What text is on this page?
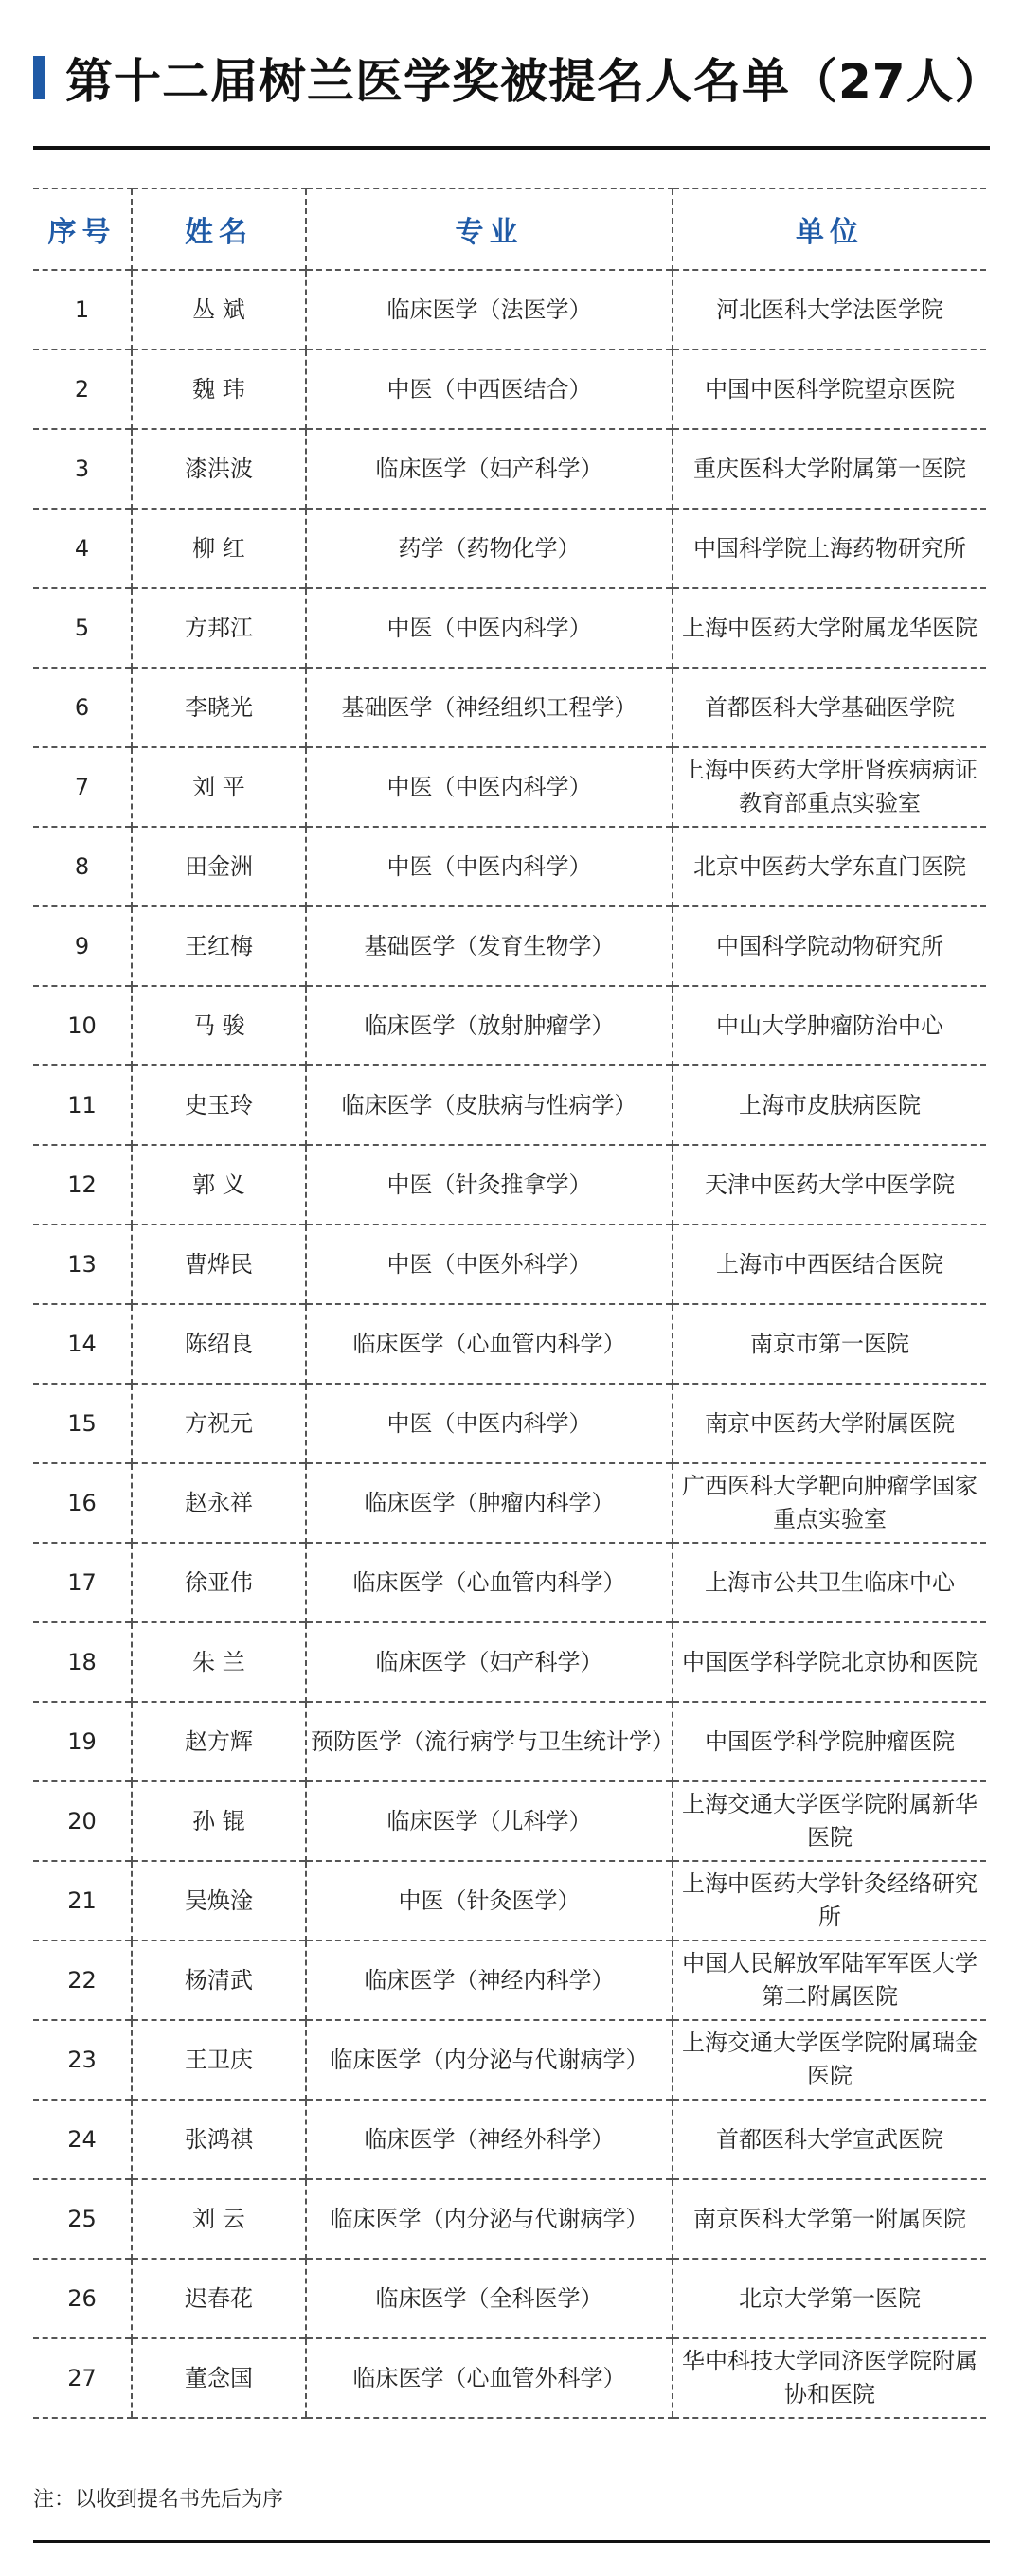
第十二届树兰医学奖被提名人名单（27人）
序号	姓名	专业	单位
1	丛 斌	临床医学（法医学）	河北医科大学法医学院
2	魏 玮	中医（中西医结合）	中国中医科学院望京医院
3	漆洪波	临床医学（妇产科学）	重庆医科大学附属第一医院
4	柳 红	药学（药物化学）	中国科学院上海药物研究所
5	方邦江	中医（中医内科学）	上海中医药大学附属龙华医院
6	李晓光	基础医学（神经组织工程学）	首都医科大学基础医学院
7	刘 平	中医（中医内科学）	上海中医药大学肝肾疾病病证教育部重点实验室
8	田金洲	中医（中医内科学）	北京中医药大学东直门医院
9	王红梅	基础医学（发育生物学）	中国科学院动物研究所
10	马 骏	临床医学（放射肿瘤学）	中山大学肿瘤防治中心
11	史玉玲	临床医学（皮肤病与性病学）	上海市皮肤病医院
12	郭 义	中医（针灸推拿学）	天津中医药大学中医学院
13	曹烨民	中医（中医外科学）	上海市中西医结合医院
14	陈绍良	临床医学（心血管内科学）	南京市第一医院
15	方祝元	中医（中医内科学）	南京中医药大学附属医院
16	赵永祥	临床医学（肿瘤内科学）	广西医科大学靶向肿瘤学国家重点实验室
17	徐亚伟	临床医学（心血管内科学）	上海市公共卫生临床中心
18	朱 兰	临床医学（妇产科学）	中国医学科学院北京协和医院
19	赵方辉	预防医学（流行病学与卫生统计学）	中国医学科学院肿瘤医院
20	孙 锟	临床医学（儿科学）	上海交通大学医学院附属新华医院
21	吴焕淦	中医（针灸医学）	上海中医药大学针灸经络研究所
22	杨清武	临床医学（神经内科学）	中国人民解放军陆军军医大学第二附属医院
23	王卫庆	临床医学（内分泌与代谢病学）	上海交通大学医学院附属瑞金医院
24	张鸿祺	临床医学（神经外科学）	首都医科大学宣武医院
25	刘 云	临床医学（内分泌与代谢病学）	南京医科大学第一附属医院
26	迟春花	临床医学（全科医学）	北京大学第一医院
27	董念国	临床医学（心血管外科学）	华中科技大学同济医学院附属协和医院
注：以收到提名书先后为序
